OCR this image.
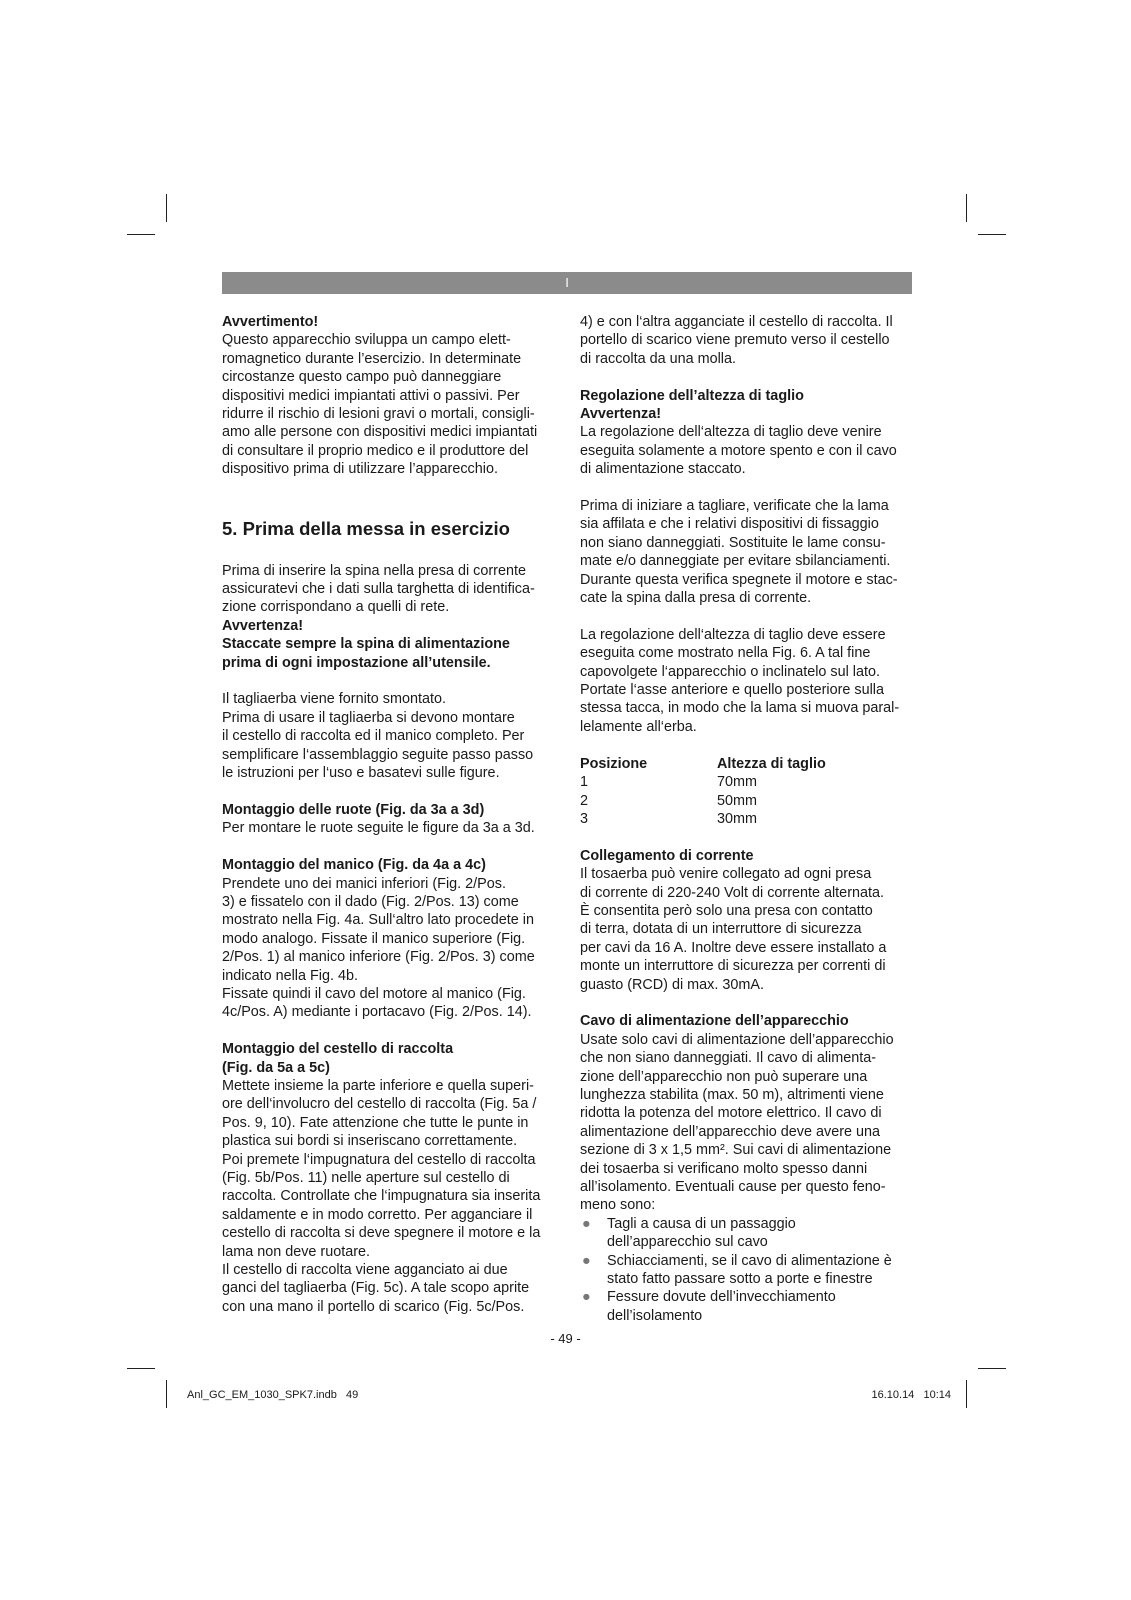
I

Avvertimento!

Questo apparecchio sviluppa un campo elett-

romagnetico durante l’esercizio. In determinate

circostanze questo campo può danneggiare

dispositivi medici impiantati attivi o passivi. Per

ridurre il rischio di lesioni gravi o mortali, consigli-

amo alle persone con dispositivi medici impiantati

di consultare il proprio medico e il produttore del

dispositivo prima di utilizzare l’apparecchio.

5. Prima della messa in esercizio

Prima di inserire la spina nella presa di corrente

assicuratevi che i dati sulla targhetta di identifica-

zione corrispondano a quelli di rete.

Avvertenza!

Staccate sempre la spina di alimentazione

prima di ogni impostazione all’utensile.

Il tagliaerba viene fornito smontato.

Prima di usare il tagliaerba si devono montare

il cestello di raccolta ed il manico completo. Per

semplificare l‘assemblaggio seguite passo passo

le istruzioni per l‘uso e basatevi sulle figure.

Montaggio delle ruote (Fig. da 3a a 3d)

Per montare le ruote seguite le figure da 3a a 3d.

Montaggio del manico (Fig. da 4a a 4c)

Prendete uno dei manici inferiori (Fig. 2/Pos.

3) e fissatelo con il dado (Fig. 2/Pos. 13) come

mostrato nella Fig. 4a. Sull‘altro lato procedete in

modo analogo. Fissate il manico superiore (Fig.

2/Pos. 1) al manico inferiore (Fig. 2/Pos. 3) come

indicato nella Fig. 4b.

Fissate quindi il cavo del motore al manico (Fig.

4c/Pos. A) mediante i portacavo (Fig. 2/Pos. 14).

Montaggio del cestello di raccolta

(Fig. da 5a a 5c)

Mettete insieme la parte inferiore e quella superi-

ore dell‘involucro del cestello di raccolta (Fig. 5a /

Pos. 9, 10). Fate attenzione che tutte le punte in

plastica sui bordi si inseriscano correttamente.

Poi premete l‘impugnatura del cestello di raccolta

(Fig. 5b/Pos. 11) nelle aperture sul cestello di

raccolta. Controllate che l‘impugnatura sia inserita

saldamente e in modo corretto. Per agganciare il

cestello di raccolta si deve spegnere il motore e la

lama non deve ruotare.

Il cestello di raccolta viene agganciato ai due

ganci del tagliaerba (Fig. 5c). A tale scopo aprite

con una mano il portello di scarico (Fig. 5c/Pos.

4) e con l‘altra agganciate il cestello di raccolta. Il

portello di scarico viene premuto verso il cestello

di raccolta da una molla.

Regolazione dell’altezza di taglio

Avvertenza!

La regolazione dell‘altezza di taglio deve venire

eseguita solamente a motore spento e con il cavo

di alimentazione staccato.

Prima di iniziare a tagliare, verificate che la lama

sia affilata e che i relativi dispositivi di fissaggio

non siano danneggiati. Sostituite le lame consu-

mate e/o danneggiate per evitare sbilanciamenti.

Durante questa verifica spegnete il motore e stac-

cate la spina dalla presa di corrente.

La regolazione dell‘altezza di taglio deve essere

eseguita come mostrato nella Fig. 6. A tal fine

capovolgete l‘apparecchio o inclinatelo sul lato.

Portate l‘asse anteriore e quello posteriore sulla

stessa tacca, in modo che la lama si muova paral-

lelamente all‘erba.

Posizione	Altezza di taglio
1	70mm
2	50mm
3	30mm

Collegamento di corrente

Il tosaerba può venire collegato ad ogni presa

di corrente di 220-240 Volt di corrente alternata.

È consentita però solo una presa con contatto

di terra, dotata di un interruttore di sicurezza

per cavi da 16 A. Inoltre deve essere installato a

monte un interruttore di sicurezza per correnti di

guasto (RCD) di max. 30mA.

Cavo di alimentazione dell’apparecchio

Usate solo cavi di alimentazione dell’apparecchio

che non siano danneggiati. Il cavo di alimenta-

zione dell’apparecchio non può superare una

lunghezza stabilita (max. 50 m), altrimenti viene

ridotta la potenza del motore elettrico. Il cavo di

alimentazione dell’apparecchio deve avere una

sezione di 3 x 1,5 mm². Sui cavi di alimentazione

dei tosaerba si verificano molto spesso danni

all’isolamento. Eventuali cause per questo feno-

meno sono:

● Tagli a causa di un passaggio

dell’apparecchio sul cavo

● Schiacciamenti, se il cavo di alimentazione è

stato fatto passare sotto a porte e finestre

● Fessure dovute dell’invecchiamento

dell’isolamento

- 49 -
Anl_GC_EM_1030_SPK7.indb   49	16.10.14   10:14
